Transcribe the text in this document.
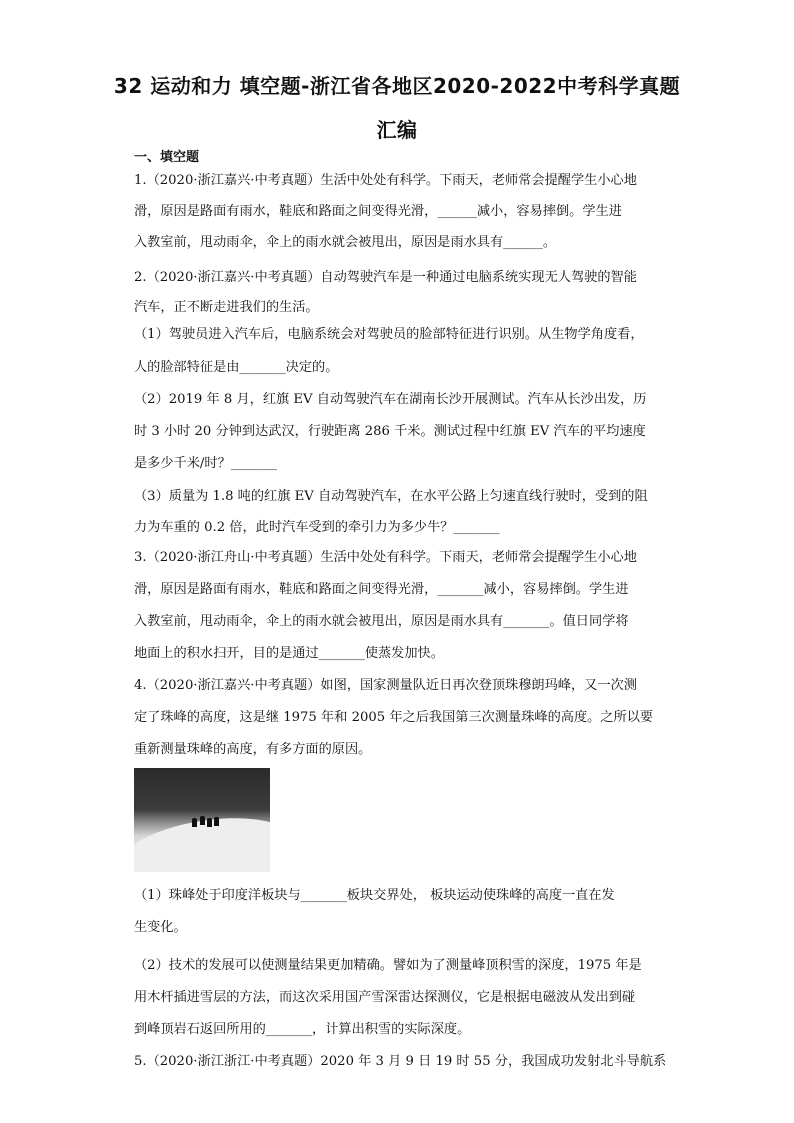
32 运动和力 填空题-浙江省各地区2020-2022中考科学真题
汇编
一、填空题
1.（2020·浙江嘉兴·中考真题）生活中处处有科学。下雨天，老师常会提醒学生小心地
滑，原因是路面有雨水，鞋底和路面之间变得光滑，______减小，容易摔倒。学生进
入教室前，甩动雨伞，伞上的雨水就会被甩出，原因是雨水具有______。
2.（2020·浙江嘉兴·中考真题）自动驾驶汽车是一种通过电脑系统实现无人驾驶的智能
汽车，正不断走进我们的生活。
（1）驾驶员进入汽车后，电脑系统会对驾驶员的脸部特征进行识别。从生物学角度看，
人的脸部特征是由_______决定的。
（2）2019 年 8 月，红旗 EV 自动驾驶汽车在湖南长沙开展测试。汽车从长沙出发，历
时 3 小时 20 分钟到达武汉，行驶距离 286 千米。测试过程中红旗 EV 汽车的平均速度
是多少千米/时？_______
（3）质量为 1.8 吨的红旗 EV 自动驾驶汽车，在水平公路上匀速直线行驶时，受到的阻
力为车重的 0.2 倍，此时汽车受到的牵引力为多少牛？_______
3.（2020·浙江舟山·中考真题）生活中处处有科学。下雨天，老师常会提醒学生小心地
滑，原因是路面有雨水，鞋底和路面之间变得光滑，_______减小，容易摔倒。学生进
入教室前，甩动雨伞，伞上的雨水就会被甩出，原因是雨水具有_______。值日同学将
地面上的积水扫开，目的是通过_______使蒸发加快。
4.（2020·浙江嘉兴·中考真题）如图，国家测量队近日再次登顶珠穆朗玛峰，又一次测
定了珠峰的高度，这是继 1975 年和 2005 年之后我国第三次测量珠峰的高度。之所以要
重新测量珠峰的高度，有多方面的原因。
（1）珠峰处于印度洋板块与_______板块交界处， 板块运动使珠峰的高度一直在发
生变化。
（2）技术的发展可以使测量结果更加精确。譬如为了测量峰顶积雪的深度，1975 年是
用木杆插进雪层的方法，而这次采用国产雪深雷达探测仪，它是根据电磁波从发出到碰
到峰顶岩石返回所用的_______，计算出积雪的实际深度。
5.（2020·浙江浙江·中考真题）2020 年 3 月 9 日 19 时 55 分，我国成功发射北斗导航系
